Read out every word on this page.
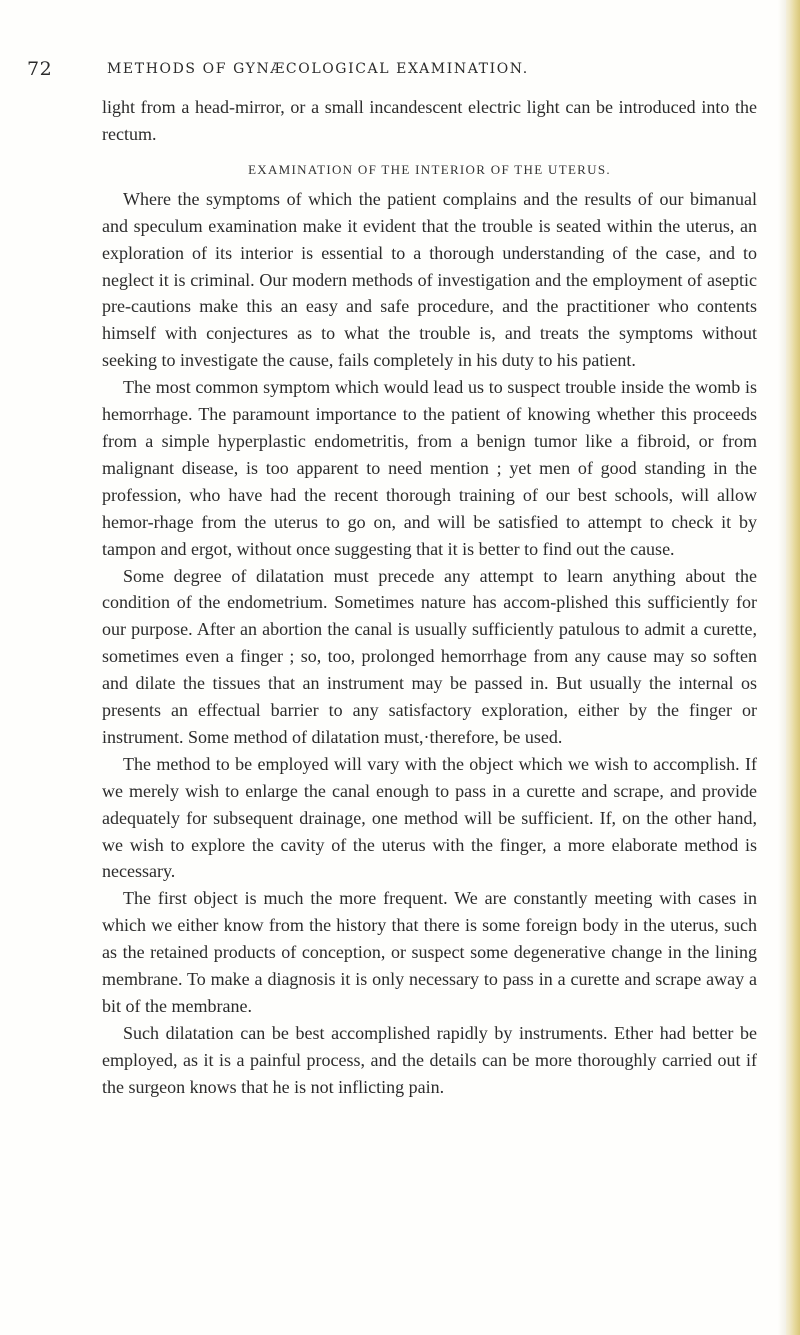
72	METHODS OF GYNÆCOLOGICAL EXAMINATION.

light from a head-mirror, or a small incandescent electric light can be introduced into the rectum.

EXAMINATION OF THE INTERIOR OF THE UTERUS.

Where the symptoms of which the patient complains and the results of our bimanual and speculum examination make it evident that the trouble is seated within the uterus, an exploration of its interior is essential to a thorough understanding of the case, and to neglect it is criminal. Our modern methods of investigation and the employment of aseptic pre-cautions make this an easy and safe procedure, and the practitioner who contents himself with conjectures as to what the trouble is, and treats the symptoms without seeking to investigate the cause, fails completely in his duty to his patient.

The most common symptom which would lead us to suspect trouble inside the womb is hemorrhage. The paramount importance to the patient of knowing whether this proceeds from a simple hyperplastic endometritis, from a benign tumor like a fibroid, or from malignant disease, is too apparent to need mention ; yet men of good standing in the profession, who have had the recent thorough training of our best schools, will allow hemor-rhage from the uterus to go on, and will be satisfied to attempt to check it by tampon and ergot, without once suggesting that it is better to find out the cause.

Some degree of dilatation must precede any attempt to learn anything about the condition of the endometrium. Sometimes nature has accom-plished this sufficiently for our purpose. After an abortion the canal is usually sufficiently patulous to admit a curette, sometimes even a finger ; so, too, prolonged hemorrhage from any cause may so soften and dilate the tissues that an instrument may be passed in. But usually the internal os presents an effectual barrier to any satisfactory exploration, either by the finger or instrument. Some method of dilatation must,·therefore, be used.

The method to be employed will vary with the object which we wish to accomplish. If we merely wish to enlarge the canal enough to pass in a curette and scrape, and provide adequately for subsequent drainage, one method will be sufficient. If, on the other hand, we wish to explore the cavity of the uterus with the finger, a more elaborate method is necessary.

The first object is much the more frequent. We are constantly meeting with cases in which we either know from the history that there is some foreign body in the uterus, such as the retained products of conception, or suspect some degenerative change in the lining membrane. To make a diagnosis it is only necessary to pass in a curette and scrape away a bit of the membrane.

Such dilatation can be best accomplished rapidly by instruments. Ether had better be employed, as it is a painful process, and the details can be more thoroughly carried out if the surgeon knows that he is not inflicting pain.
